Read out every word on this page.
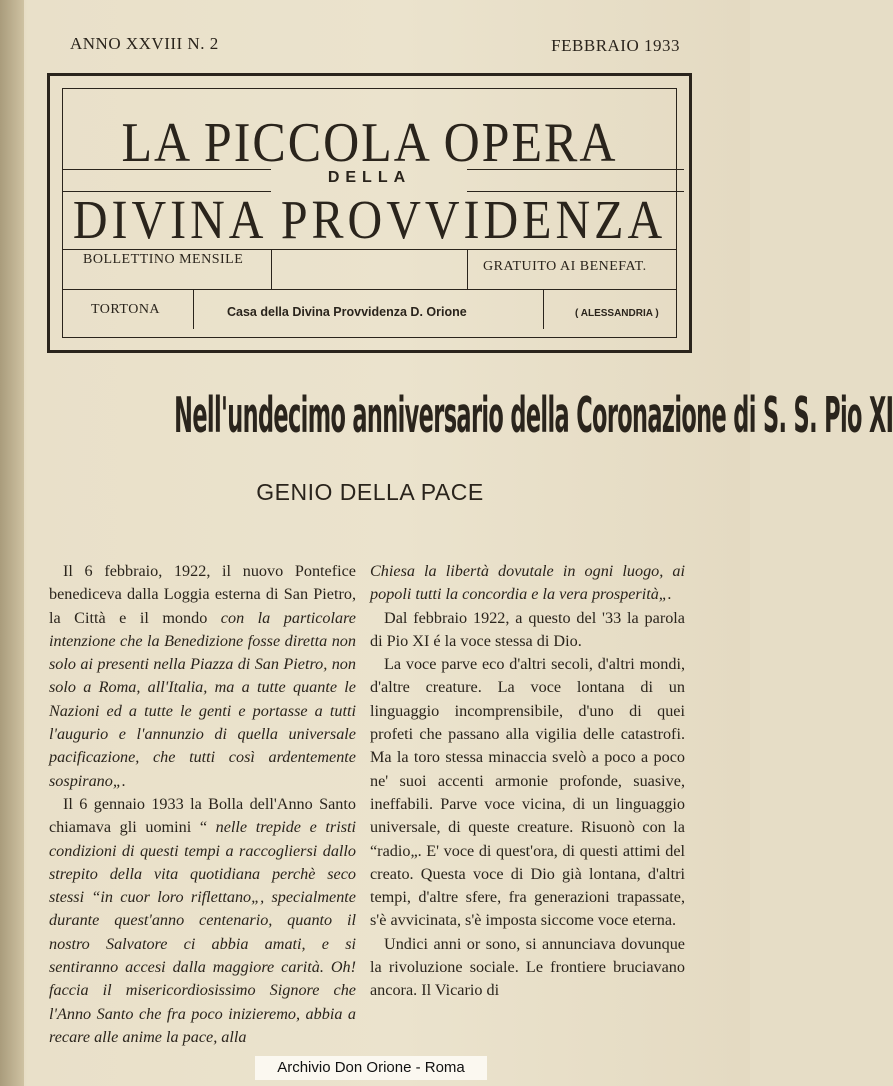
ANNO XXVIII N. 2	FEBBRAIO 1933
LA PICCOLA OPERA
DELLA
DIVINA PROVVIDENZA
BOLLETTINO MENSILE	GRATUITO AI BENEFAT.
TORTONA	Casa della Divina Provvidenza D. Orione	( ALESSANDRIA )
Nell'undecimo anniversario della Coronazione di S. S. Pio XI
GENIO DELLA PACE

Il 6 febbraio, 1922, il nuovo Pontefice benediceva dalla Loggia esterna di San Pietro, la Città e il mondo con la particolare intenzione che la Benedizione fosse diretta non solo ai presenti nella Piazza di San Pietro, non solo a Roma, all'Italia, ma a tutte quante le Nazioni ed a tutte le genti e portasse a tutti l'augurio e l'annunzio di quella universale pacificazione, che tutti così ardentemente sospirano„.

Il 6 gennaio 1933 la Bolla dell'Anno Santo chiamava gli uomini “ nelle trepide e tristi condizioni di questi tempi a raccogliersi dallo strepito della vita quotidiana perchè seco stessi “in cuor loro riflettano„, specialmente durante quest'anno centenario, quanto il nostro Salvatore ci abbia amati, e si sentiranno accesi dalla maggiore carità. Oh! faccia il misericordiosissimo Signore che l'Anno Santo che fra poco inizieremo, abbia a recare alle anime la pace, alla

Chiesa la libertà dovutale in ogni luogo, ai popoli tutti la concordia e la vera prosperità„.

Dal febbraio 1922, a questo del '33 la parola di Pio XI é la voce stessa di Dio.

La voce parve eco d'altri secoli, d'altri mondi, d'altre creature. La voce lontana di un linguaggio incomprensibile, d'uno di quei profeti che passano alla vigilia delle catastrofi. Ma la toro stessa minaccia svelò a poco a poco ne' suoi accenti armonie profonde, suasive, ineffabili. Parve voce vicina, di un linguaggio universale, di queste creature. Risuonò con la “radio„. E' voce di quest'ora, di questi attimi del creato. Questa voce di Dio già lontana, d'altri tempi, d'altre sfere, fra generazioni trapassate, s'è avvicinata, s'è imposta siccome voce eterna.

Undici anni or sono, si annunciava dovunque la rivoluzione sociale. Le frontiere bruciavano ancora. Il Vicario di

Archivio Don Orione - Roma
